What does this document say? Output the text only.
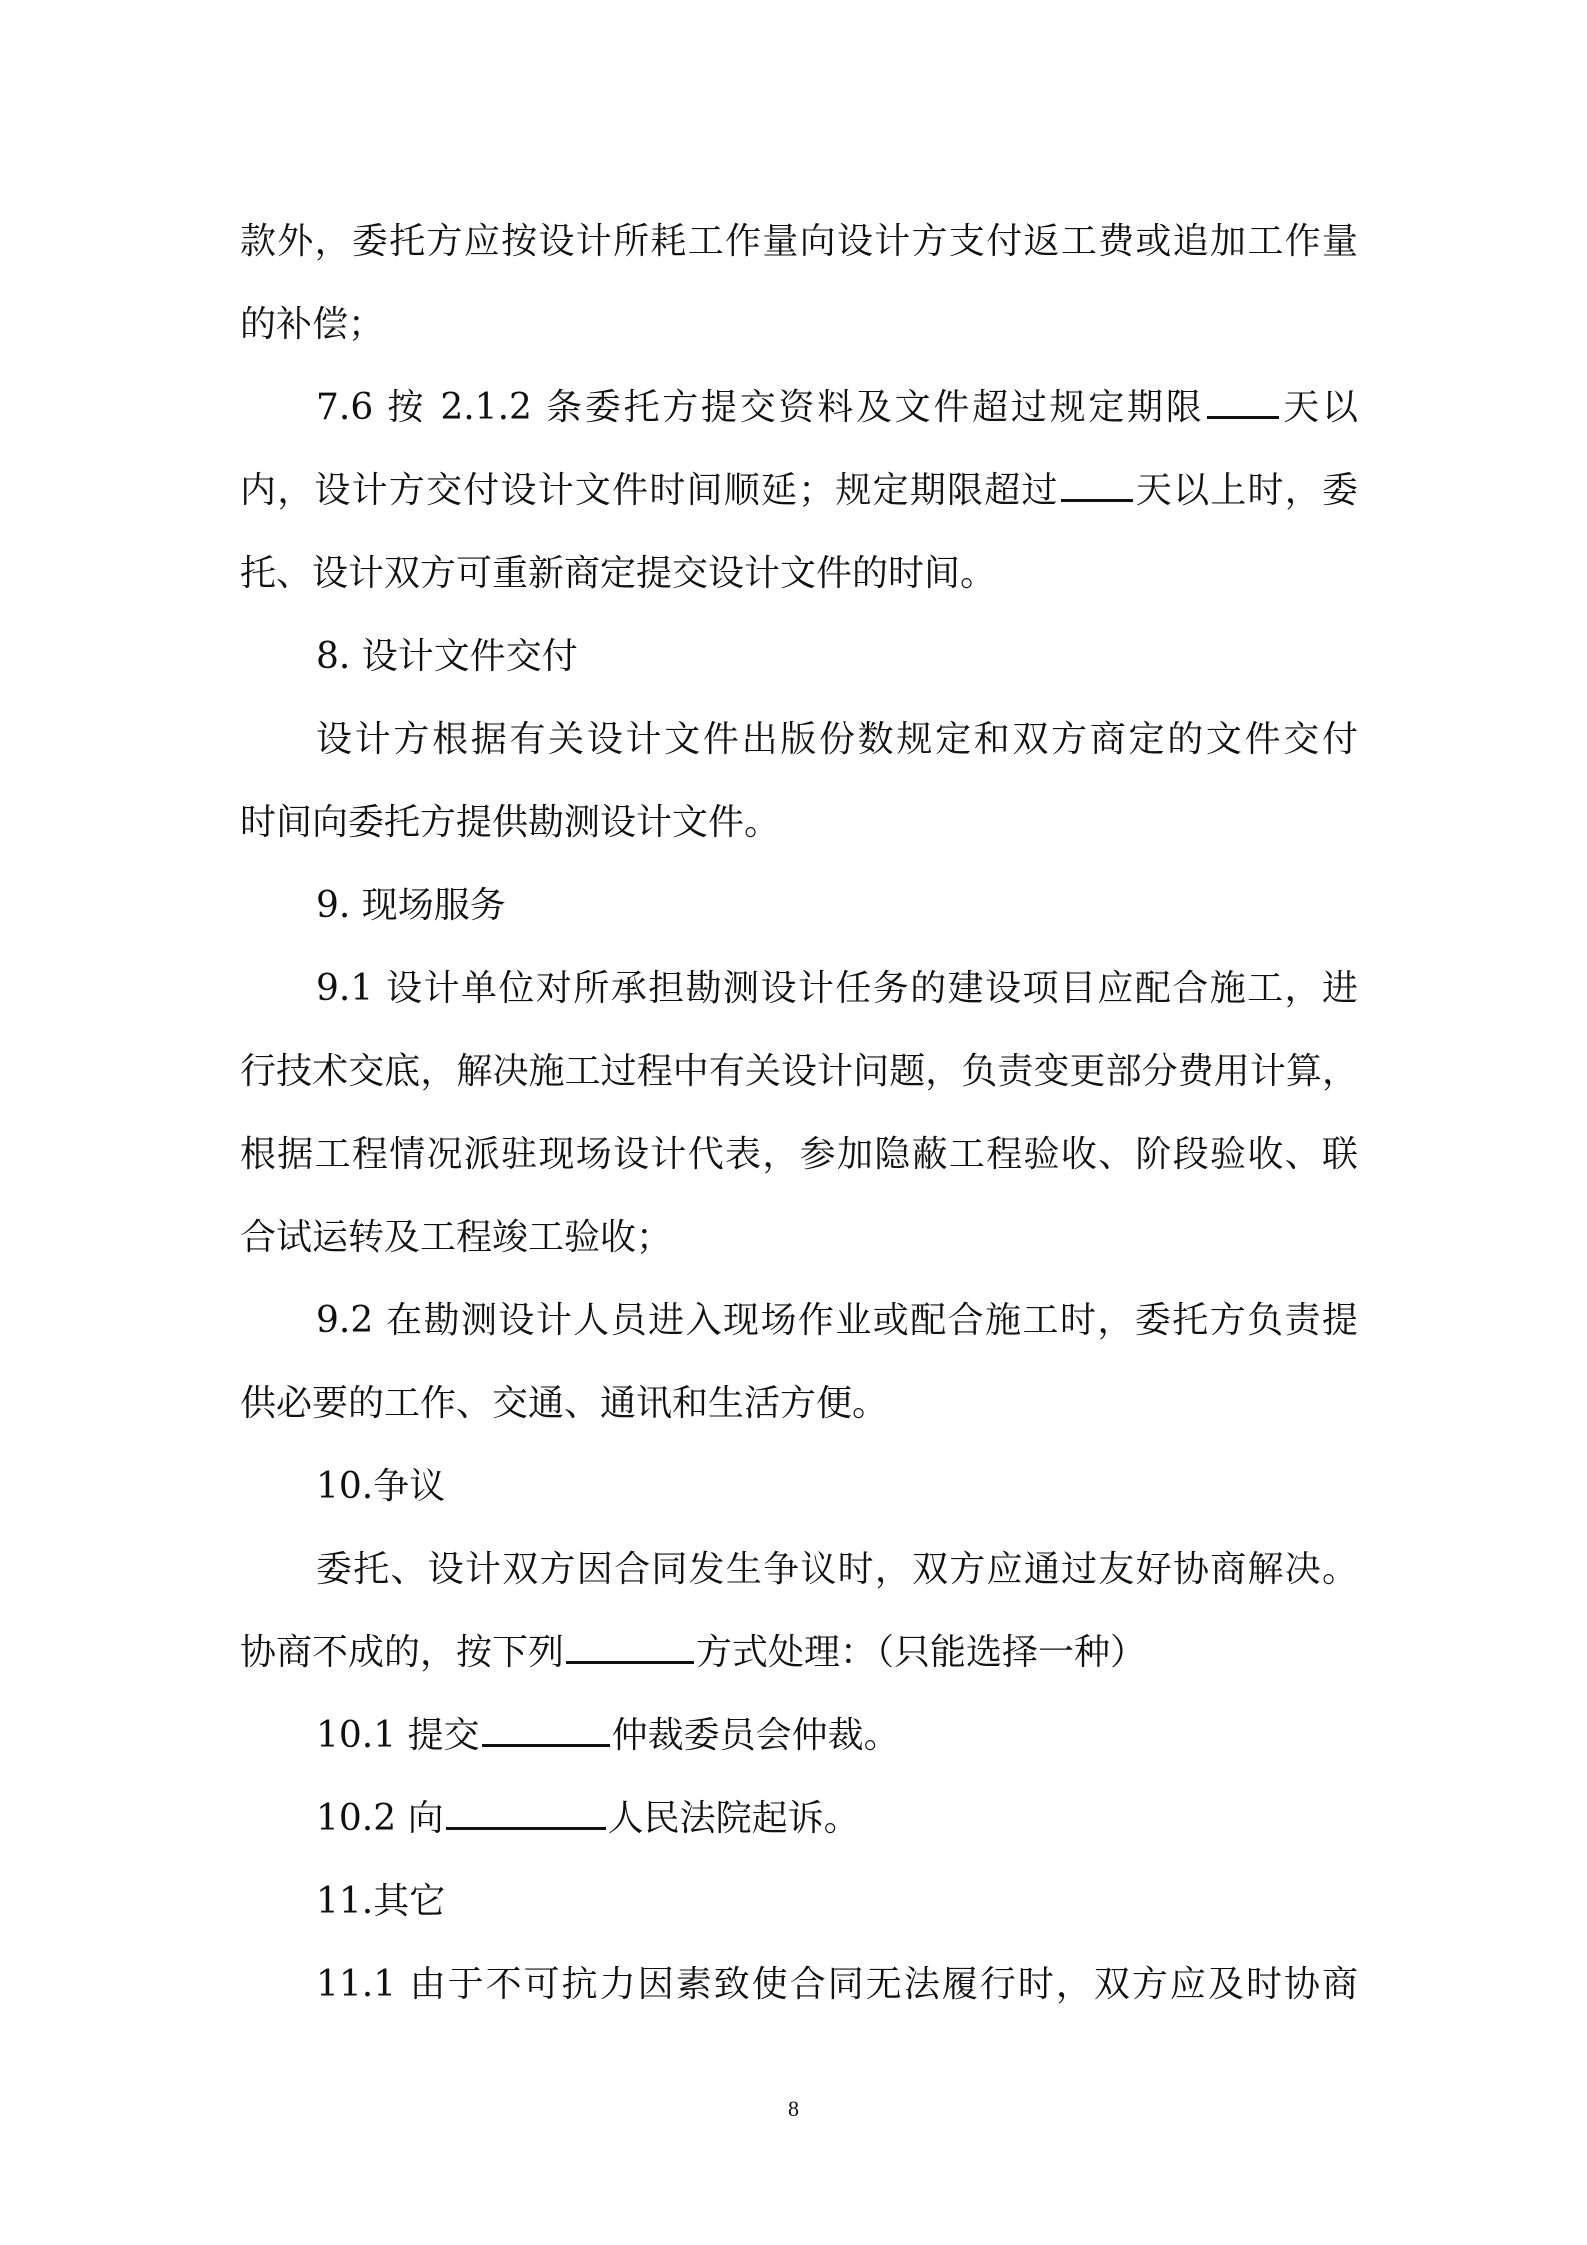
款外，委托方应按设计所耗工作量向设计方支付返工费或追加工作量
的补偿；
7.6 按 2.1.2 条委托方提交资料及文件超过规定期限 天以
内，设计方交付设计文件时间顺延；规定期限超过 天以上时，委
托、设计双方可重新商定提交设计文件的时间。
8. 设计文件交付
设计方根据有关设计文件出版份数规定和双方商定的文件交付
时间向委托方提供勘测设计文件。
9. 现场服务
9.1 设计单位对所承担勘测设计任务的建设项目应配合施工，进
行技术交底，解决施工过程中有关设计问题，负责变更部分费用计算，
根据工程情况派驻现场设计代表，参加隐蔽工程验收、阶段验收、联
合试运转及工程竣工验收；
9.2 在勘测设计人员进入现场作业或配合施工时，委托方负责提
供必要的工作、交通、通讯和生活方便。
10.争议
委托、设计双方因合同发生争议时，双方应通过友好协商解决。
协商不成的，按下列	方式处理：（只能选择一种）
10.1 提交	仲裁委员会仲裁。
10.2 向	人民法院起诉。
11.其它
11.1 由于不可抗力因素致使合同无法履行时，双方应及时协商
8
